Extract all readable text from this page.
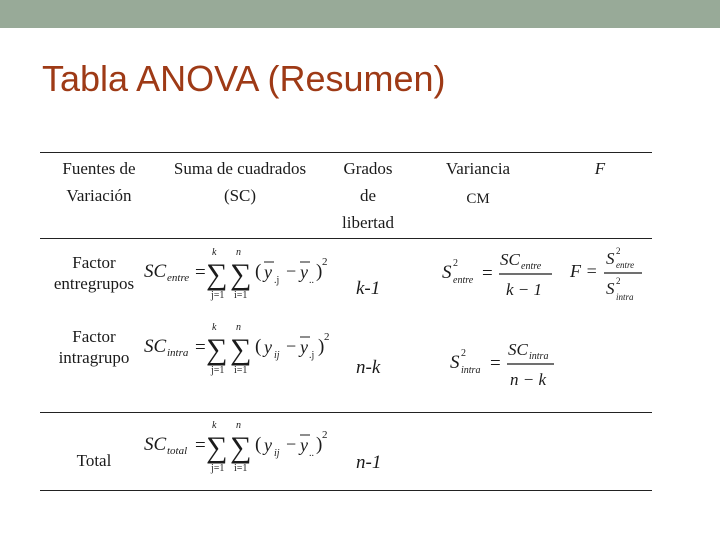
Tabla ANOVA (Resumen)
Fuentes de
Variación
Suma de cuadrados
(SC)
Grados
de
libertad
Variancia
CM
F
Factor
entregrupos
Factor
intragrupo
Total
k-1
n-k
n-1
SC entre =
k
∑
j=1
n
∑
i=1
( y .j − y .. ) 2
SC intra =
k
∑
j=1
n
∑
i=1
( y ij − y .j ) 2
SC total =
k
∑
j=1
n
∑
i=1
( y ij − y .. ) 2
S 2
entre =
SC entre
k − 1
S 2
intra =
SC intra
n − k
F =
S 2
entre
S 2
intra
